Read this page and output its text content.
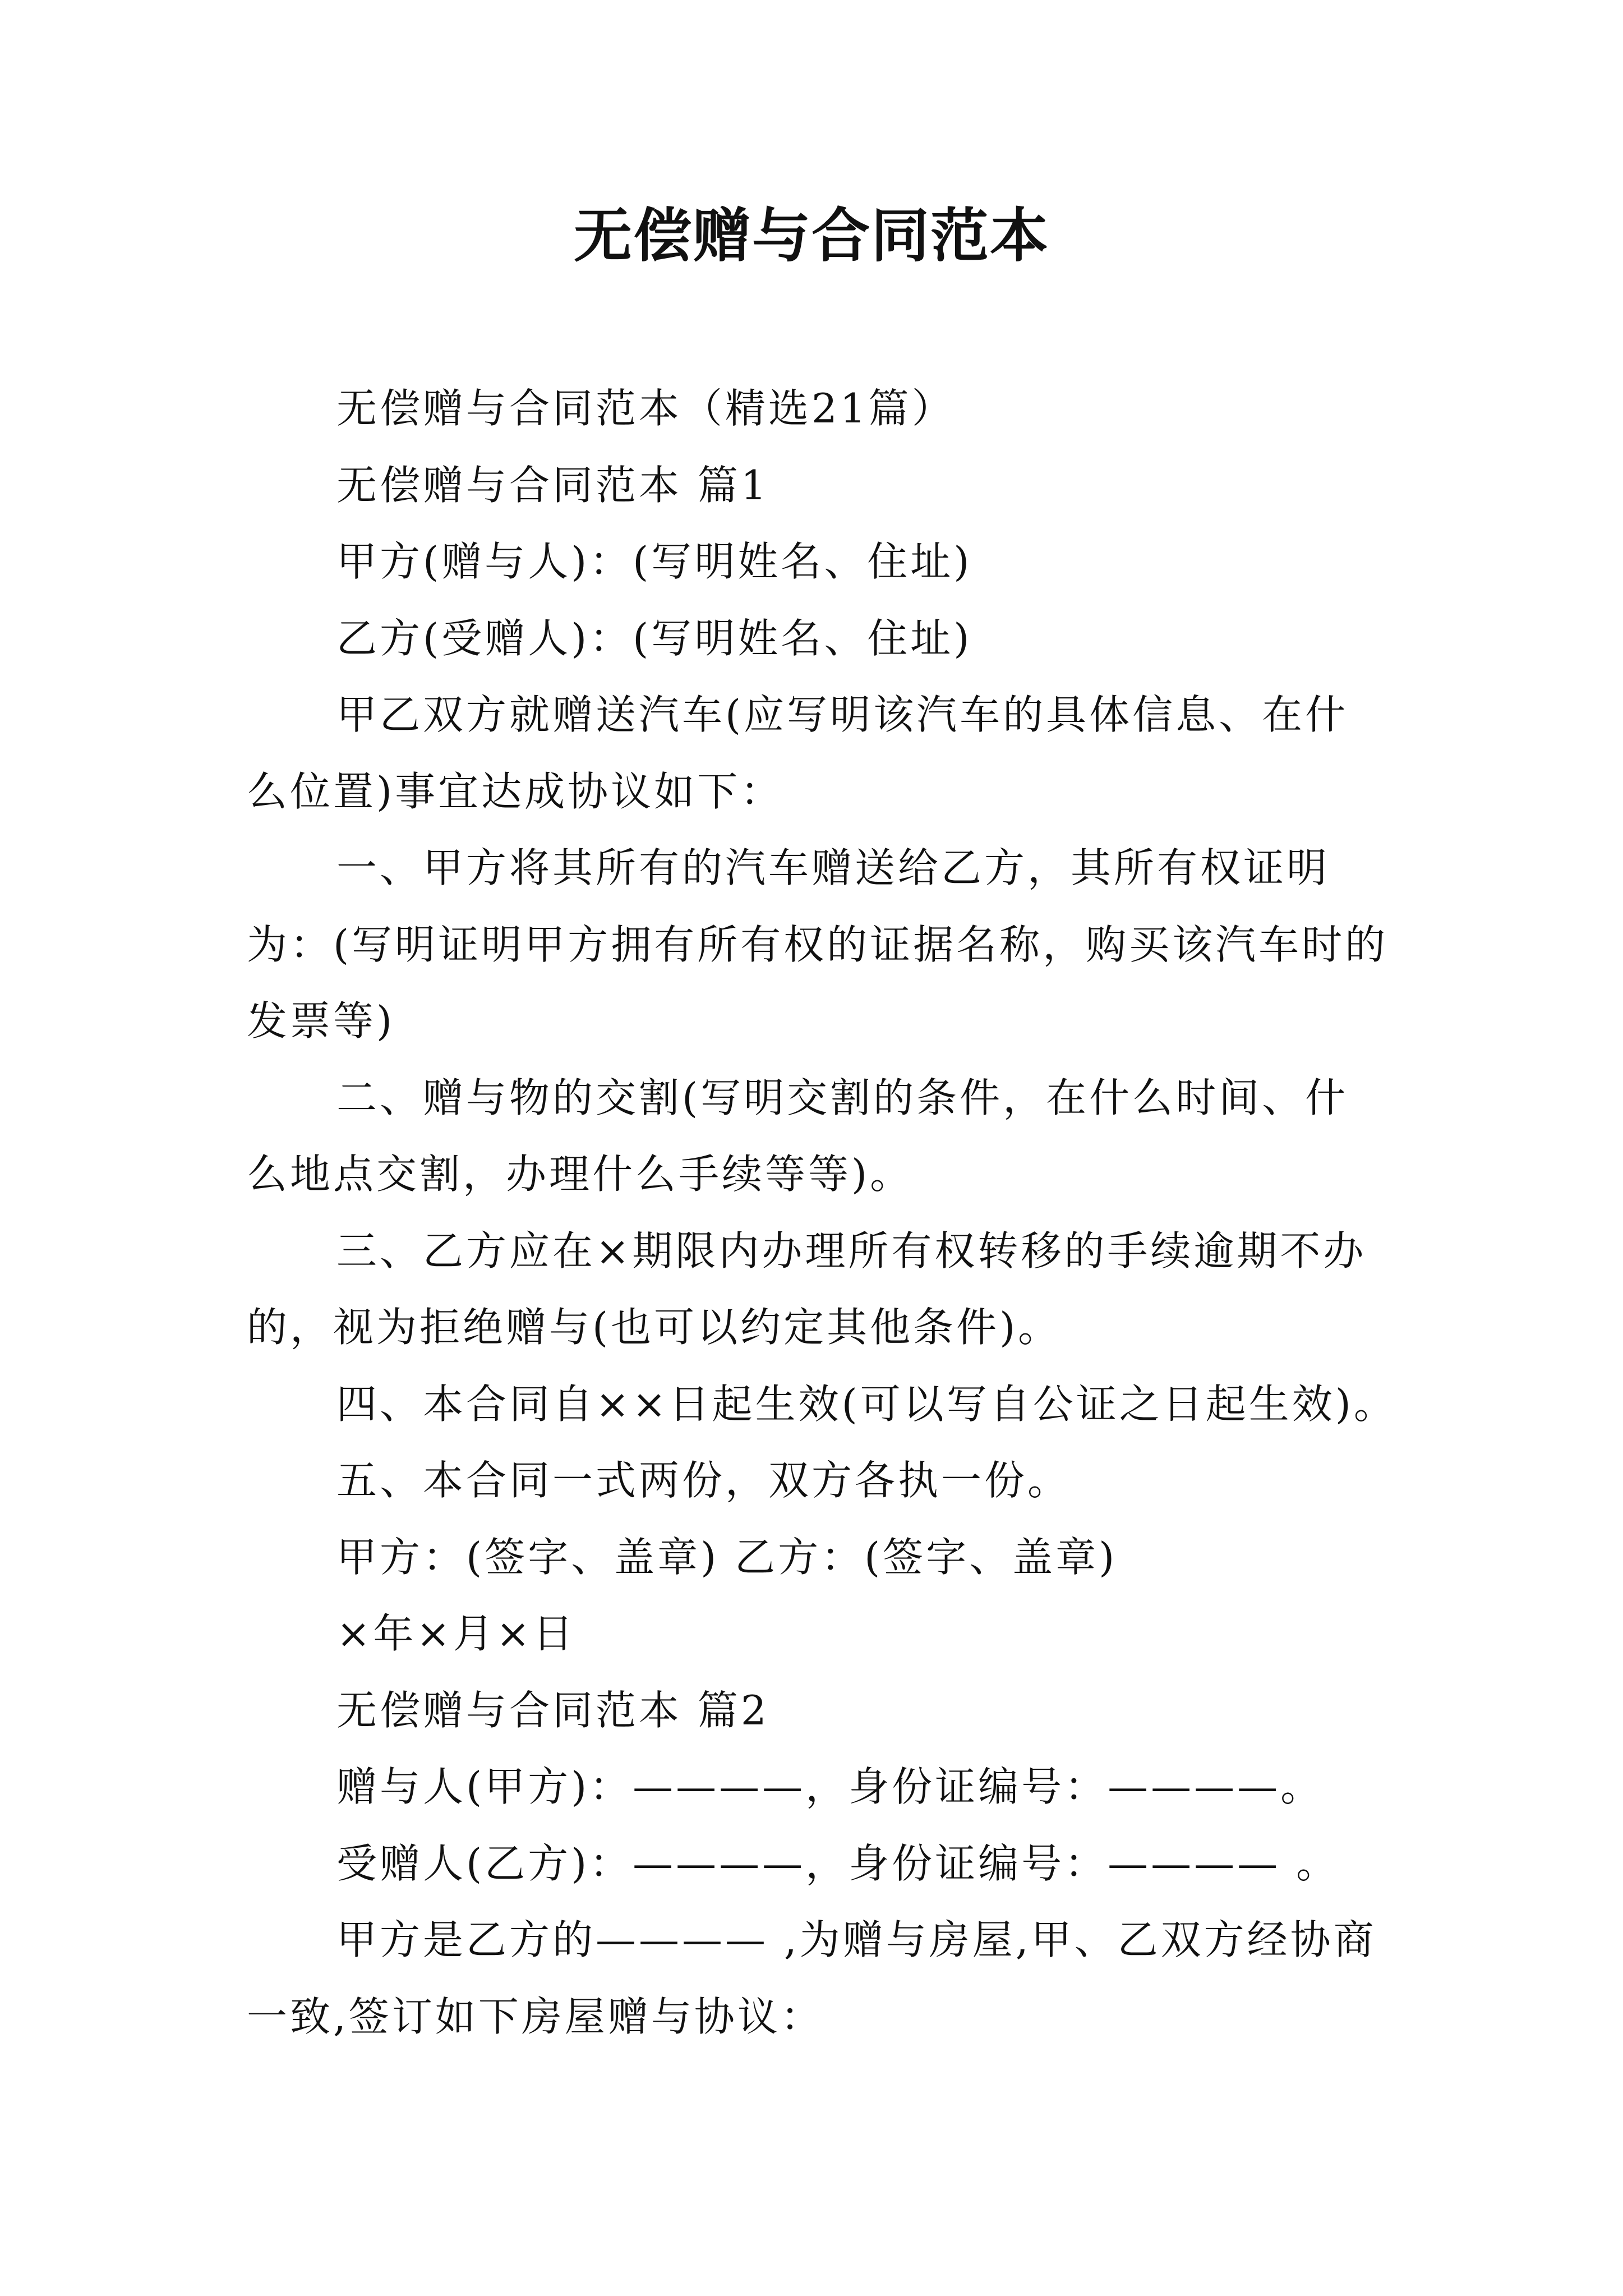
无偿赠与合同范本

无偿赠与合同范本（精选21篇）

无偿赠与合同范本 篇1

甲方(赠与人)：(写明姓名、住址)

乙方(受赠人)：(写明姓名、住址)

甲乙双方就赠送汽车(应写明该汽车的具体信息、在什么位置)事宜达成协议如下：

一、甲方将其所有的汽车赠送给乙方，其所有权证明为：(写明证明甲方拥有所有权的证据名称，购买该汽车时的发票等)

二、赠与物的交割(写明交割的条件，在什么时间、什么地点交割，办理什么手续等等)。

三、乙方应在×期限内办理所有权转移的手续逾期不办的，视为拒绝赠与(也可以约定其他条件)。

四、本合同自××日起生效(可以写自公证之日起生效)。

五、本合同一式两份，双方各执一份。

甲方：(签字、盖章) 乙方：(签字、盖章)

×年×月×日

无偿赠与合同范本 篇2

赠与人(甲方)：————，身份证编号：————。

受赠人(乙方)：————，身份证编号：———— 。

甲方是乙方的———— ,为赠与房屋,甲、乙双方经协商一致,签订如下房屋赠与协议：
